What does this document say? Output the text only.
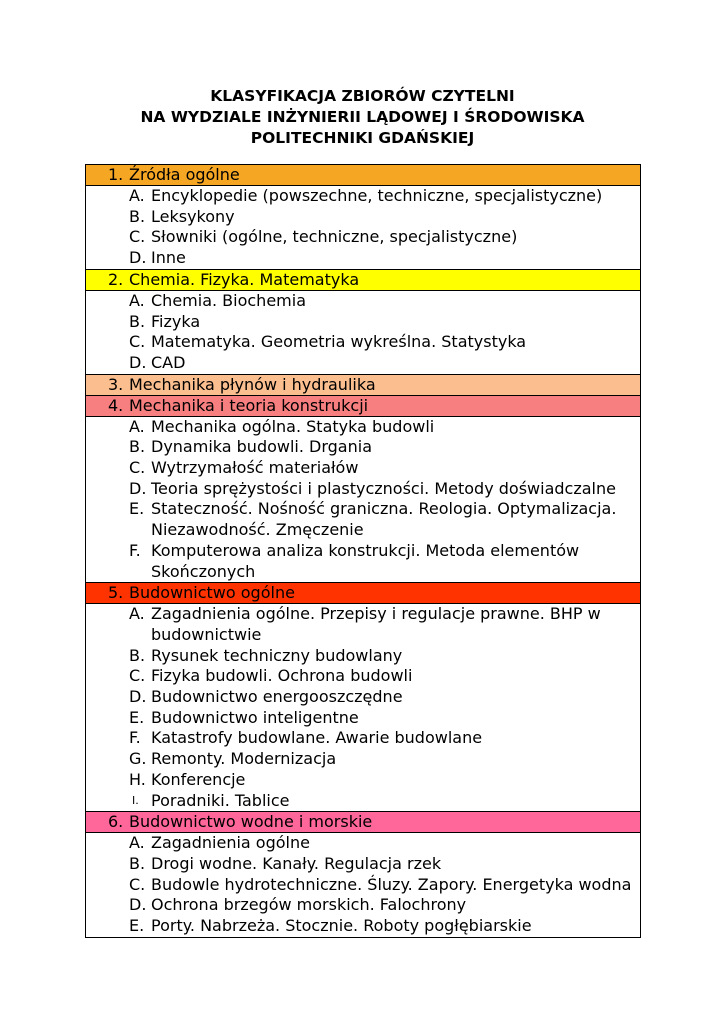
KLASYFIKACJA ZBIORÓW CZYTELNI
NA WYDZIALE INŻYNIERII LĄDOWEJ I ŚRODOWISKA
POLITECHNIKI GDAŃSKIEJ
1. Źródła ogólne
A. Encyklopedie (powszechne, techniczne, specjalistyczne)
B. Leksykony
C. Słowniki (ogólne, techniczne, specjalistyczne)
D. Inne
2. Chemia. Fizyka. Matematyka
A. Chemia. Biochemia
B. Fizyka
C. Matematyka. Geometria wykreślna. Statystyka
D. CAD
3. Mechanika płynów i hydraulika
4. Mechanika i teoria konstrukcji
A. Mechanika ogólna. Statyka budowli
B. Dynamika budowli. Drgania
C. Wytrzymałość materiałów
D. Teoria sprężystości i plastyczności. Metody doświadczalne
E. Stateczność. Nośność graniczna. Reologia. Optymalizacja. Niezawodność. Zmęczenie
F. Komputerowa analiza konstrukcji. Metoda elementów Skończonych
5. Budownictwo ogólne
A. Zagadnienia ogólne. Przepisy i regulacje prawne. BHP w budownictwie
B. Rysunek techniczny budowlany
C. Fizyka budowli. Ochrona budowli
D. Budownictwo energooszczędne
E. Budownictwo inteligentne
F. Katastrofy budowlane. Awarie budowlane
G. Remonty. Modernizacja
H. Konferencje
I. Poradniki. Tablice
6. Budownictwo wodne i morskie
A. Zagadnienia ogólne
B. Drogi wodne. Kanały. Regulacja rzek
C. Budowle hydrotechniczne. Śluzy. Zapory. Energetyka wodna
D. Ochrona brzegów morskich. Falochrony
E. Porty. Nabrzeża. Stocznie. Roboty pogłębiarskie
